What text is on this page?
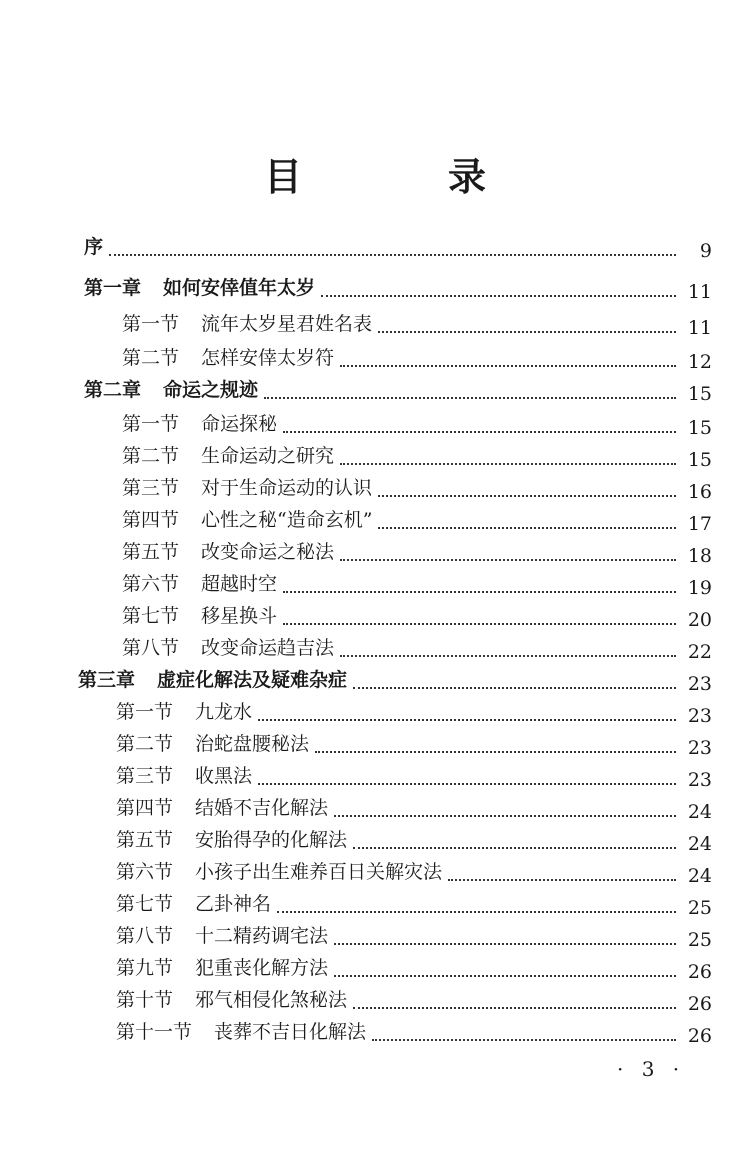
目　录
序	9
第一章 如何安倖值年太岁	11
第一节 流年太岁星君姓名表	11
第二节 怎样安倖太岁符	12
第二章 命运之规迹	15
第一节 命运探秘	15
第二节 生命运动之研究	15
第三节 对于生命运动的认识	16
第四节 心性之秘“造命玄机”	17
第五节 改变命运之秘法	18
第六节 超越时空	19
第七节 移星换斗	20
第八节 改变命运趋吉法	22
第三章 虚症化解法及疑难杂症	23
第一节 九龙水	23
第二节 治蛇盘腰秘法	23
第三节 收黑法	23
第四节 结婚不吉化解法	24
第五节 安胎得孕的化解法	24
第六节 小孩子出生难养百日关解灾法	24
第七节 乙卦神名	25
第八节 十二精药调宅法	25
第九节 犯重丧化解方法	26
第十节 邪气相侵化煞秘法	26
第十一节 丧葬不吉日化解法	26
· 3 ·
